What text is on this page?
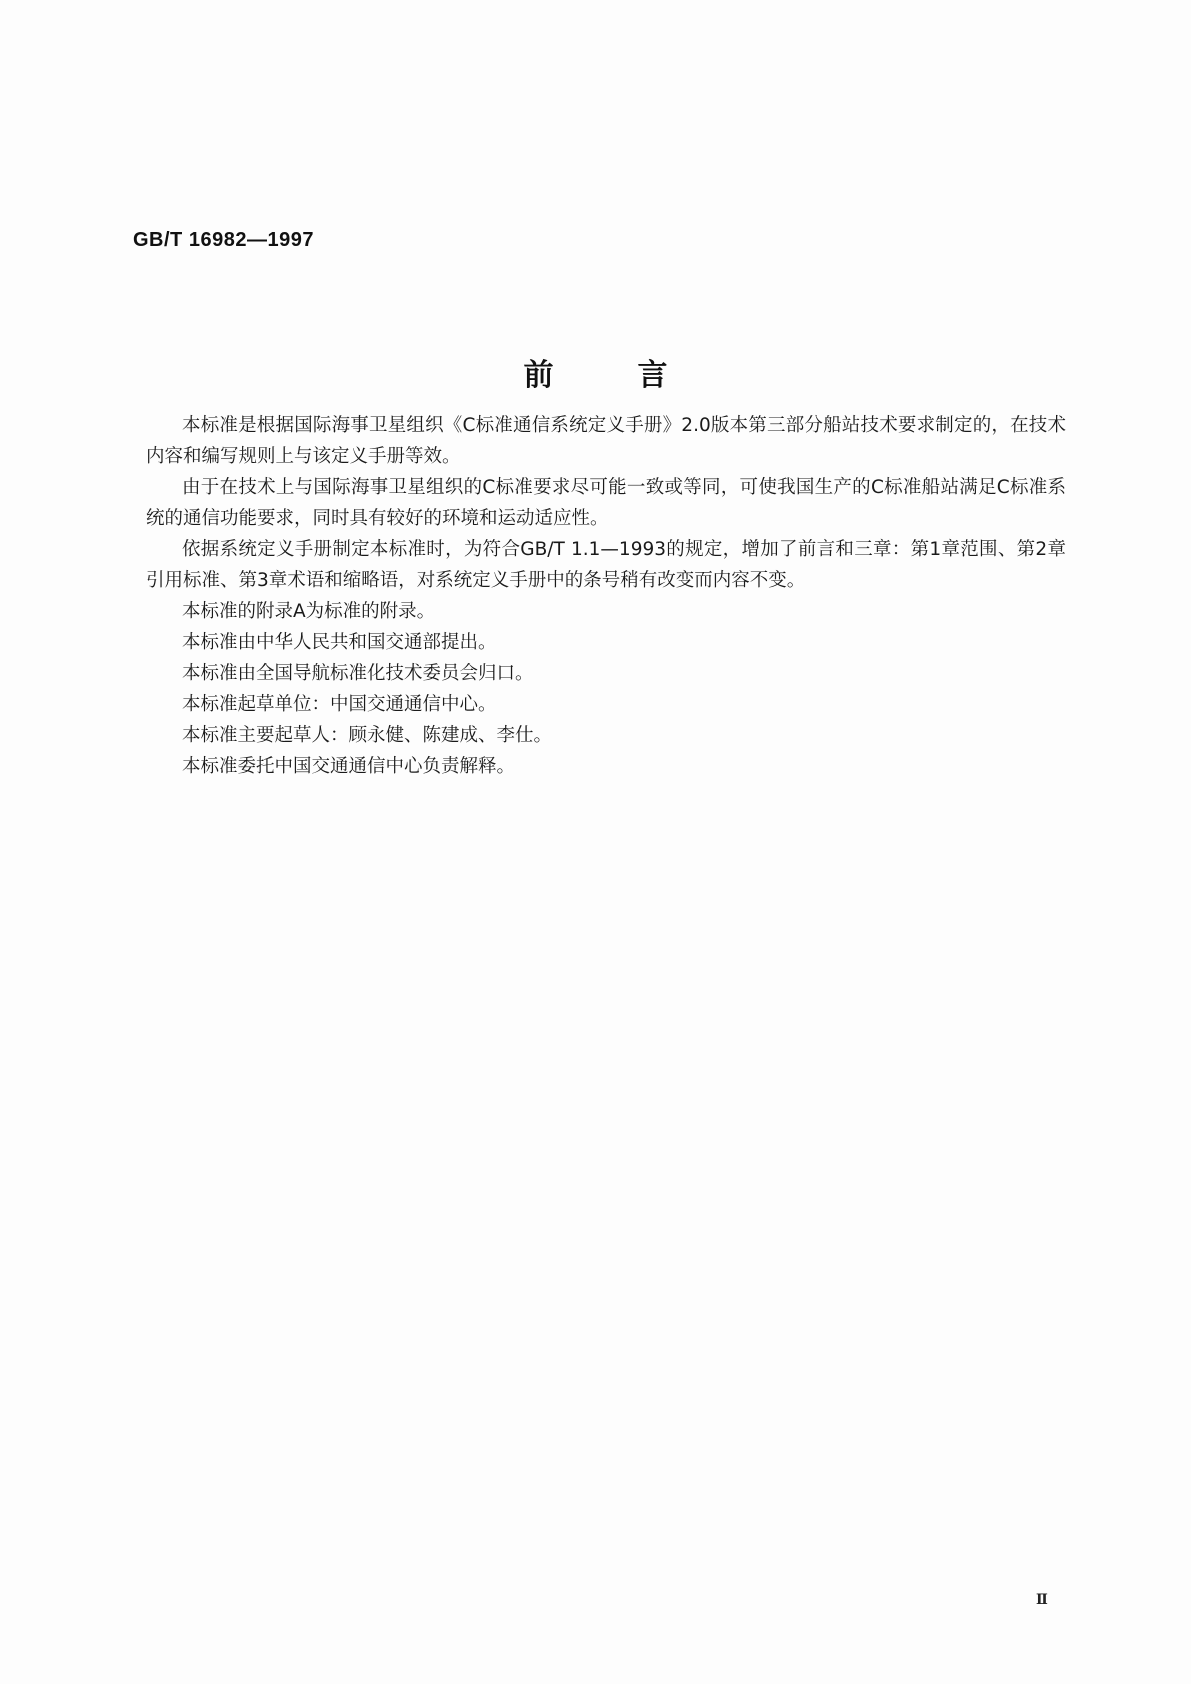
GB/T 16982—1997
前	言

本标准是根据国际海事卫星组织《C标准通信系统定义手册》2.0版本第三部分船站技术要求制定的，在技术内容和编写规则上与该定义手册等效。

由于在技术上与国际海事卫星组织的C标准要求尽可能一致或等同，可使我国生产的C标准船站满足C标准系统的通信功能要求，同时具有较好的环境和运动适应性。

依据系统定义手册制定本标准时，为符合GB/T 1.1—1993的规定，增加了前言和三章：第1章范围、第2章引用标准、第3章术语和缩略语，对系统定义手册中的条号稍有改变而内容不变。

本标准的附录A为标准的附录。

本标准由中华人民共和国交通部提出。

本标准由全国导航标准化技术委员会归口。

本标准起草单位：中国交通通信中心。

本标准主要起草人：顾永健、陈建成、李仕。

本标准委托中国交通通信中心负责解释。

Ⅱ
